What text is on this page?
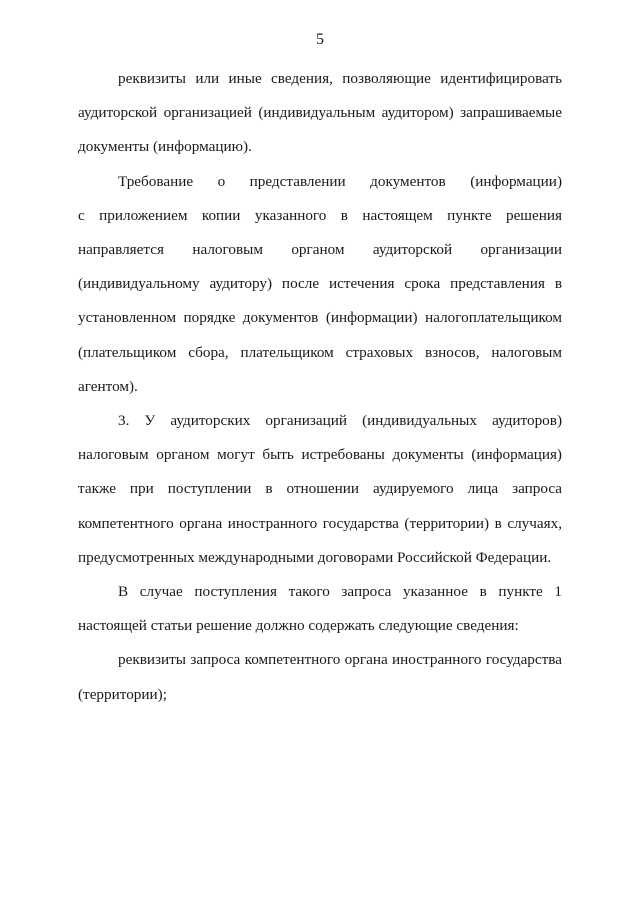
5

реквизиты или иные сведения, позволяющие идентифицировать
аудиторской организацией (индивидуальным аудитором) запрашиваемые
документы (информацию).

Требование о представлении документов (информации)
с приложением копии указанного в настоящем пункте решения
направляется налоговым органом аудиторской организации
(индивидуальному аудитору) после истечения срока представления в
установленном порядке документов (информации) налогоплательщиком
(плательщиком сбора, плательщиком страховых взносов, налоговым
агентом).

3. У аудиторских организаций (индивидуальных аудиторов)
налоговым органом могут быть истребованы документы (информация)
также при поступлении в отношении аудируемого лица запроса
компетентного органа иностранного государства (территории) в случаях,
предусмотренных международными договорами Российской Федерации.

В случае поступления такого запроса указанное в пункте 1
настоящей статьи решение должно содержать следующие сведения:

реквизиты запроса компетентного органа иностранного государства
(территории);
